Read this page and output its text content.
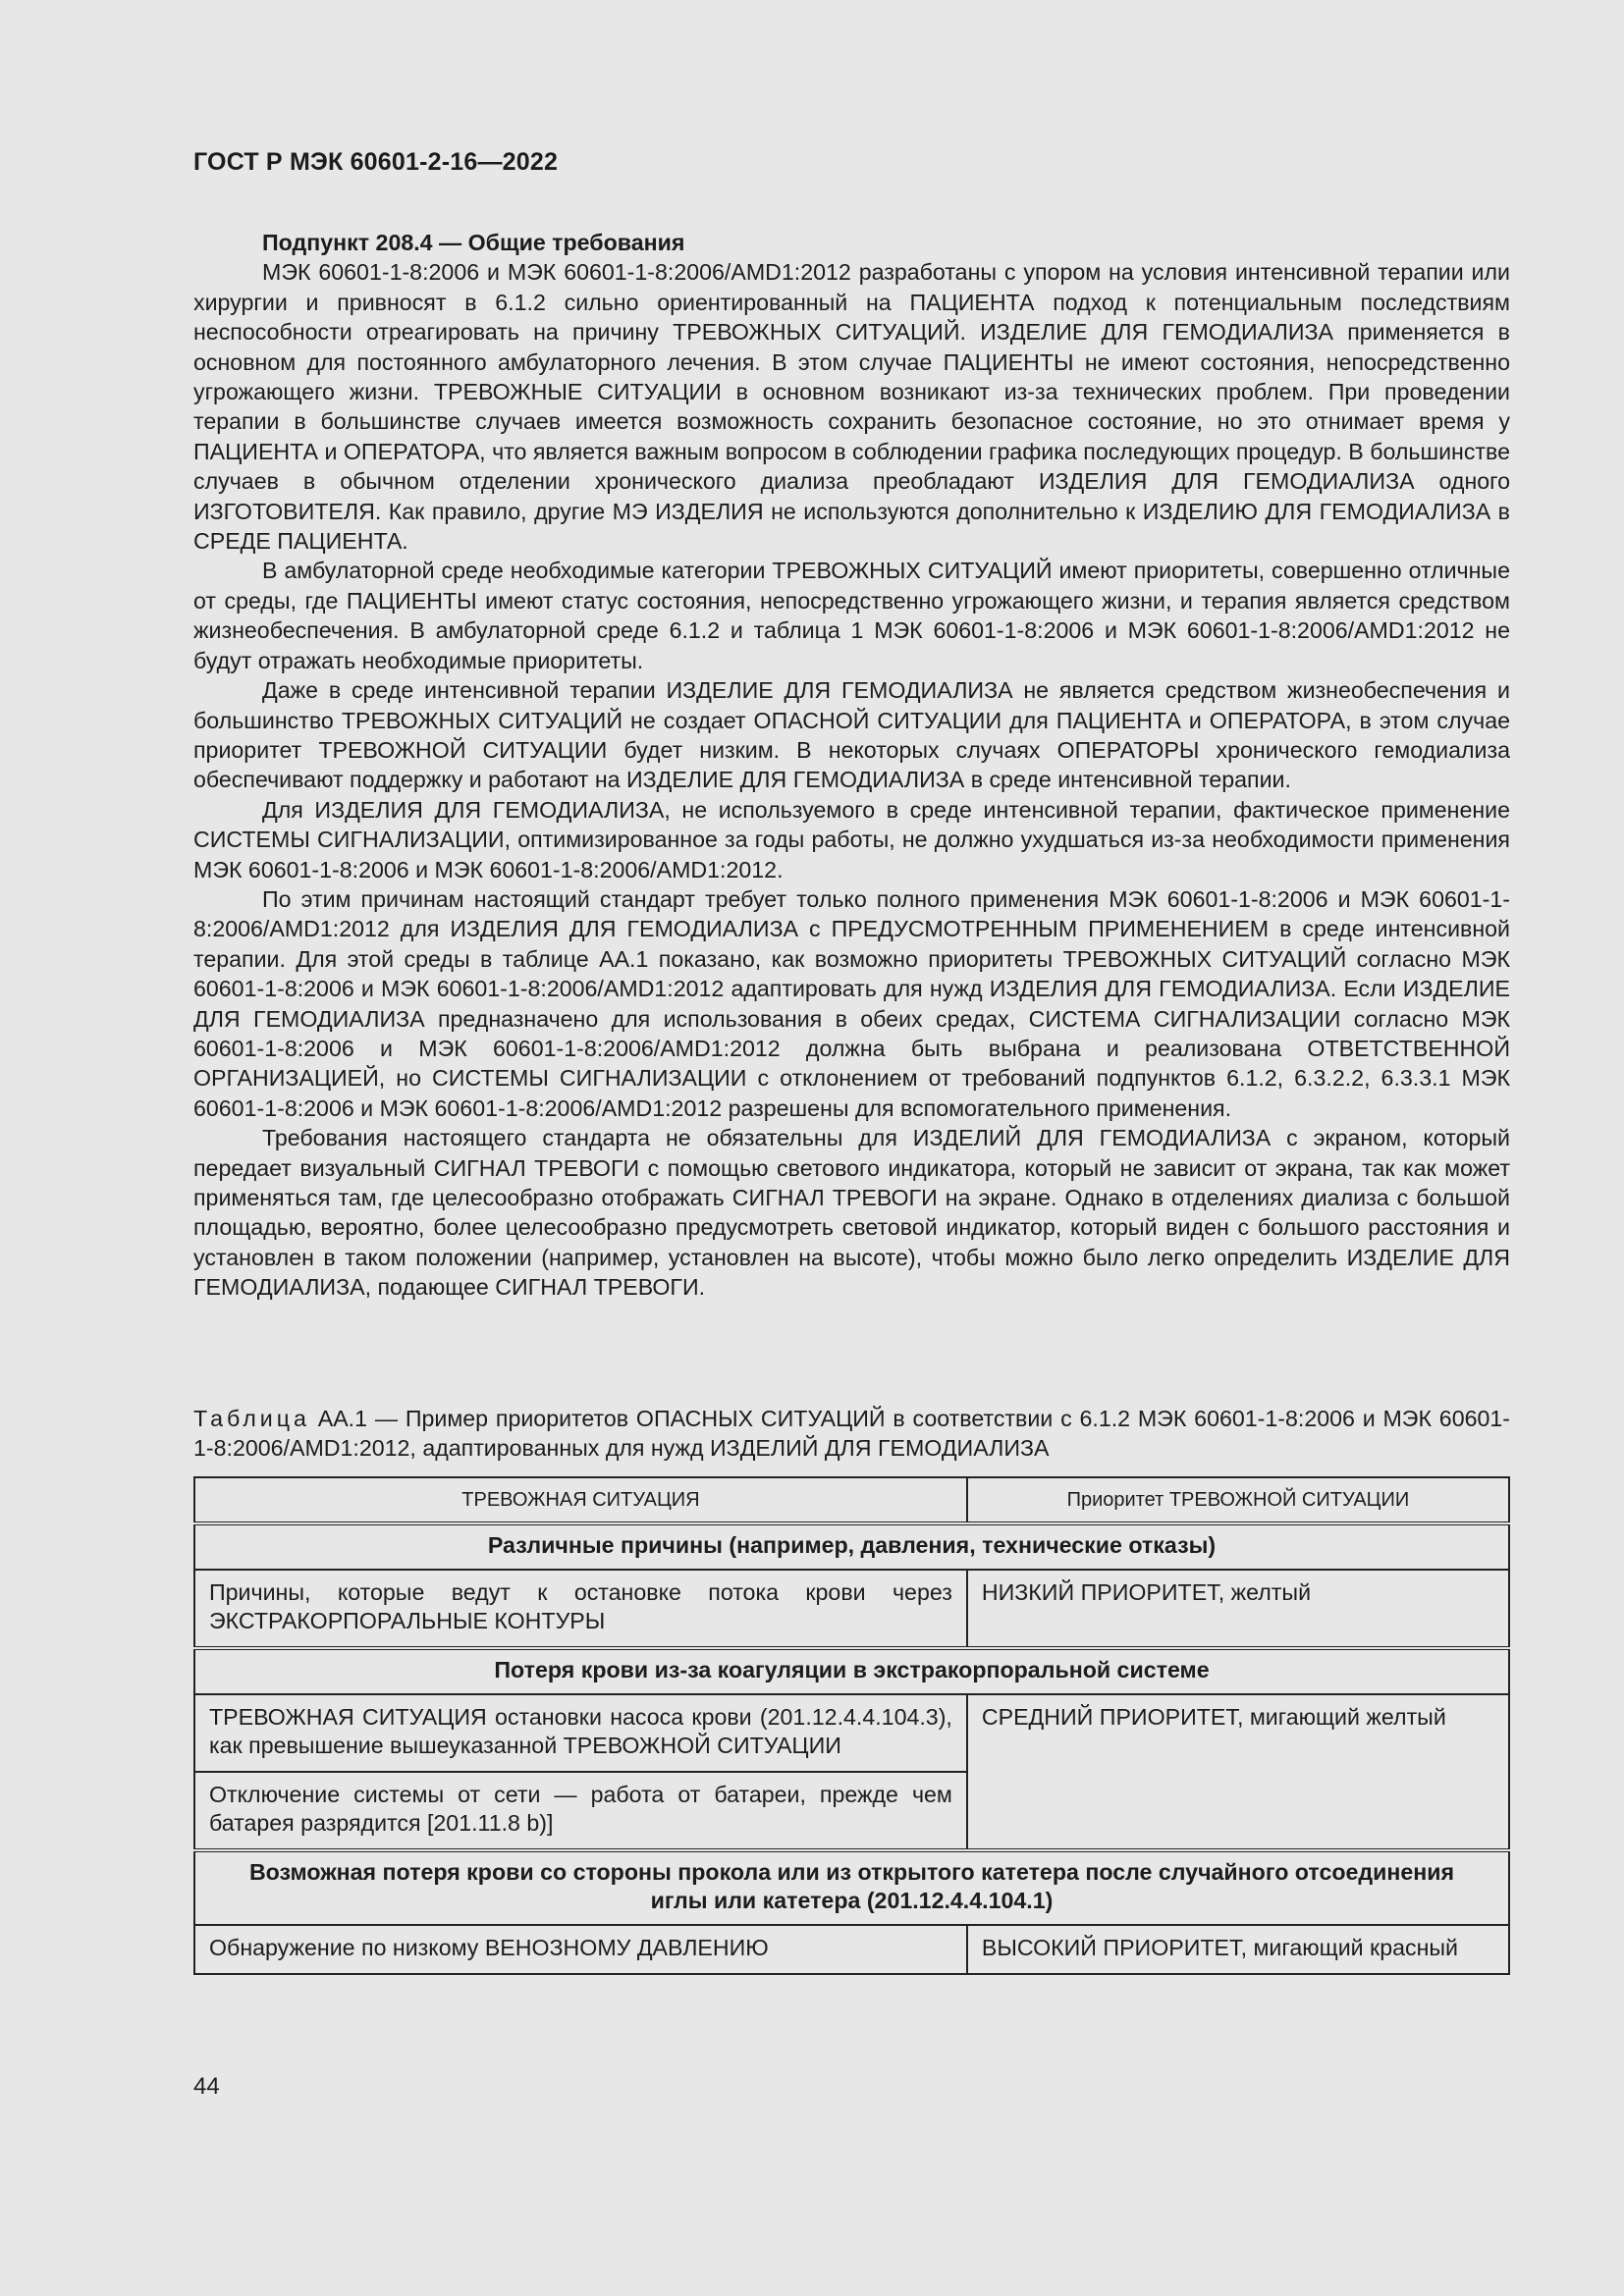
ГОСТ Р МЭК 60601-2-16—2022

Подпункт 208.4 — Общие требования

МЭК 60601-1-8:2006 и МЭК 60601-1-8:2006/AMD1:2012 разработаны с упором на условия интенсивной терапии или хирургии и привносят в 6.1.2 сильно ориентированный на ПАЦИЕНТА подход к потенциальным последствиям неспособности отреагировать на причину ТРЕВОЖНЫХ СИТУАЦИЙ. ИЗДЕЛИЕ ДЛЯ ГЕМОДИАЛИЗА применяется в основном для постоянного амбулаторного лечения. В этом случае ПАЦИЕНТЫ не имеют состояния, непосредственно угрожающего жизни. ТРЕВОЖНЫЕ СИТУАЦИИ в основном возникают из-за технических проблем. При проведении терапии в большинстве случаев имеется возможность сохранить безопасное состояние, но это отнимает время у ПАЦИЕНТА и ОПЕРАТОРА, что является важным вопросом в соблюдении графика последующих процедур. В большинстве случаев в обычном отделении хронического диализа преобладают ИЗДЕЛИЯ ДЛЯ ГЕМОДИАЛИЗА одного ИЗГОТОВИТЕЛЯ. Как правило, другие МЭ ИЗДЕЛИЯ не используются дополнительно к ИЗДЕЛИЮ ДЛЯ ГЕМОДИАЛИЗА в СРЕДЕ ПАЦИЕНТА.

В амбулаторной среде необходимые категории ТРЕВОЖНЫХ СИТУАЦИЙ имеют приоритеты, совершенно отличные от среды, где ПАЦИЕНТЫ имеют статус состояния, непосредственно угрожающего жизни, и терапия является средством жизнеобеспечения. В амбулаторной среде 6.1.2 и таблица 1 МЭК 60601-1-8:2006 и МЭК 60601-1-8:2006/AMD1:2012 не будут отражать необходимые приоритеты.

Даже в среде интенсивной терапии ИЗДЕЛИЕ ДЛЯ ГЕМОДИАЛИЗА не является средством жизнеобеспечения и большинство ТРЕВОЖНЫХ СИТУАЦИЙ не создает ОПАСНОЙ СИТУАЦИИ для ПАЦИЕНТА и ОПЕРАТОРА, в этом случае приоритет ТРЕВОЖНОЙ СИТУАЦИИ будет низким. В некоторых случаях ОПЕРАТОРЫ хронического гемодиализа обеспечивают поддержку и работают на ИЗДЕЛИЕ ДЛЯ ГЕМОДИАЛИЗА в среде интенсивной терапии.

Для ИЗДЕЛИЯ ДЛЯ ГЕМОДИАЛИЗА, не используемого в среде интенсивной терапии, фактическое применение СИСТЕМЫ СИГНАЛИЗАЦИИ, оптимизированное за годы работы, не должно ухудшаться из-за необходимости применения МЭК 60601-1-8:2006 и МЭК 60601-1-8:2006/AMD1:2012.

По этим причинам настоящий стандарт требует только полного применения МЭК 60601-1-8:2006 и МЭК 60601-1-8:2006/AMD1:2012 для ИЗДЕЛИЯ ДЛЯ ГЕМОДИАЛИЗА с ПРЕДУСМОТРЕННЫМ ПРИМЕНЕНИЕМ в среде интенсивной терапии. Для этой среды в таблице АА.1 показано, как возможно приоритеты ТРЕВОЖНЫХ СИТУАЦИЙ согласно МЭК 60601-1-8:2006 и МЭК 60601-1-8:2006/AMD1:2012 адаптировать для нужд ИЗДЕЛИЯ ДЛЯ ГЕМОДИАЛИЗА. Если ИЗДЕЛИЕ ДЛЯ ГЕМОДИАЛИЗА предназначено для использования в обеих средах, СИСТЕМА СИГНАЛИЗАЦИИ согласно МЭК 60601-1-8:2006 и МЭК 60601-1-8:2006/AMD1:2012 должна быть выбрана и реализована ОТВЕТСТВЕННОЙ ОРГАНИЗАЦИЕЙ, но СИСТЕМЫ СИГНАЛИЗАЦИИ с отклонением от требований подпунктов 6.1.2, 6.3.2.2, 6.3.3.1 МЭК 60601-1-8:2006 и МЭК 60601-1-8:2006/AMD1:2012 разрешены для вспомогательного применения.

Требования настоящего стандарта не обязательны для ИЗДЕЛИЙ ДЛЯ ГЕМОДИАЛИЗА с экраном, который передает визуальный СИГНАЛ ТРЕВОГИ с помощью светового индикатора, который не зависит от экрана, так как может применяться там, где целесообразно отображать СИГНАЛ ТРЕВОГИ на экране. Однако в отделениях диализа с большой площадью, вероятно, более целесообразно предусмотреть световой индикатор, который виден с большого расстояния и установлен в таком положении (например, установлен на высоте), чтобы можно было легко определить ИЗДЕЛИЕ ДЛЯ ГЕМОДИАЛИЗА, подающее СИГНАЛ ТРЕВОГИ.

Таблица АА.1 — Пример приоритетов ОПАСНЫХ СИТУАЦИЙ в соответствии с 6.1.2 МЭК 60601-1-8:2006 и МЭК 60601-1-8:2006/AMD1:2012, адаптированных для нужд ИЗДЕЛИЙ ДЛЯ ГЕМОДИАЛИЗА
ТРЕВОЖНАЯ СИТУАЦИЯ	Приоритет ТРЕВОЖНОЙ СИТУАЦИИ
Различные причины (например, давления, технические отказы)	
Причины, которые ведут к остановке потока крови через ЭКСТРАКОРПОРАЛЬНЫЕ КОНТУРЫ	НИЗКИЙ ПРИОРИТЕТ, желтый
Потеря крови из-за коагуляции в экстракорпоральной системе	
ТРЕВОЖНАЯ СИТУАЦИЯ остановки насоса крови (201.12.4.4.104.3), как превышение вышеуказанной ТРЕВОЖНОЙ СИТУАЦИИ	СРЕДНИЙ ПРИОРИТЕТ, мигающий желтый
Отключение системы от сети — работа от батареи, прежде чем батарея разрядится [201.11.8 b)]	
Возможная потеря крови со стороны прокола или из открытого катетера после случайного отсоединения иглы или катетера (201.12.4.4.104.1)	
Обнаружение по низкому ВЕНОЗНОМУ ДАВЛЕНИЮ	ВЫСОКИЙ ПРИОРИТЕТ, мигающий красный
44
